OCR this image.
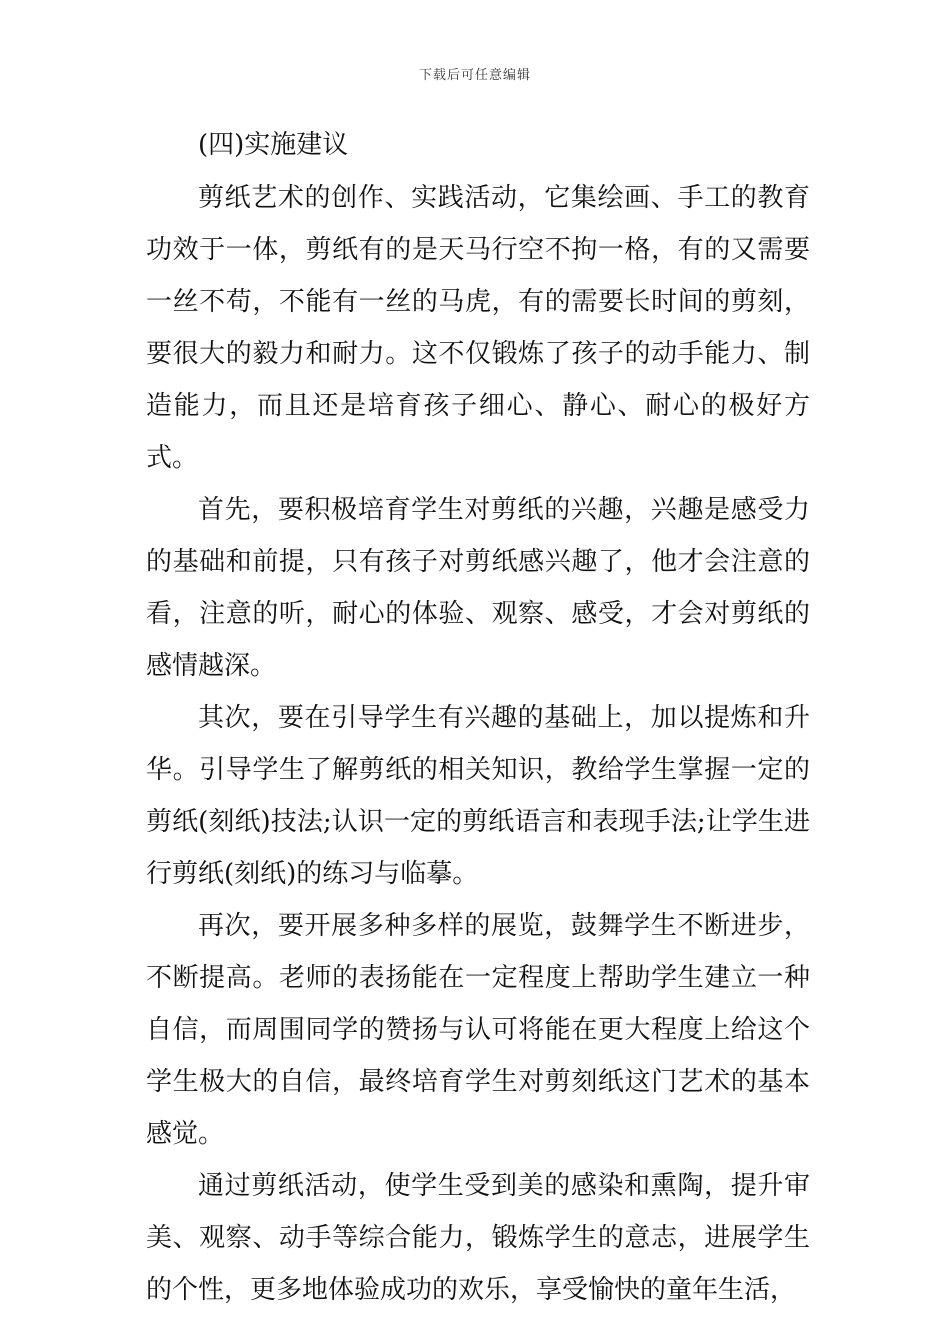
下载后可任意编辑
(四)实施建议

剪纸艺术的创作、实践活动，它集绘画、手工的教育功效于一体，剪纸有的是天马行空不拘一格，有的又需要一丝不苟，不能有一丝的马虎，有的需要长时间的剪刻，要很大的毅力和耐力。这不仅锻炼了孩子的动手能力、制造能力，而且还是培育孩子细心、静心、耐心的极好方式。

首先，要积极培育学生对剪纸的兴趣，兴趣是感受力的基础和前提，只有孩子对剪纸感兴趣了，他才会注意的看，注意的听，耐心的体验、观察、感受，才会对剪纸的感情越深。

其次，要在引导学生有兴趣的基础上，加以提炼和升华。引导学生了解剪纸的相关知识，教给学生掌握一定的剪纸(刻纸)技法;认识一定的剪纸语言和表现手法;让学生进行剪纸(刻纸)的练习与临摹。

再次，要开展多种多样的展览，鼓舞学生不断进步，不断提高。老师的表扬能在一定程度上帮助学生建立一种自信，而周围同学的赞扬与认可将能在更大程度上给这个学生极大的自信，最终培育学生对剪刻纸这门艺术的基本感觉。

通过剪纸活动，使学生受到美的感染和熏陶，提升审美、观察、动手等综合能力，锻炼学生的意志，进展学生的个性，更多地体验成功的欢乐，享受愉快的童年生活，
